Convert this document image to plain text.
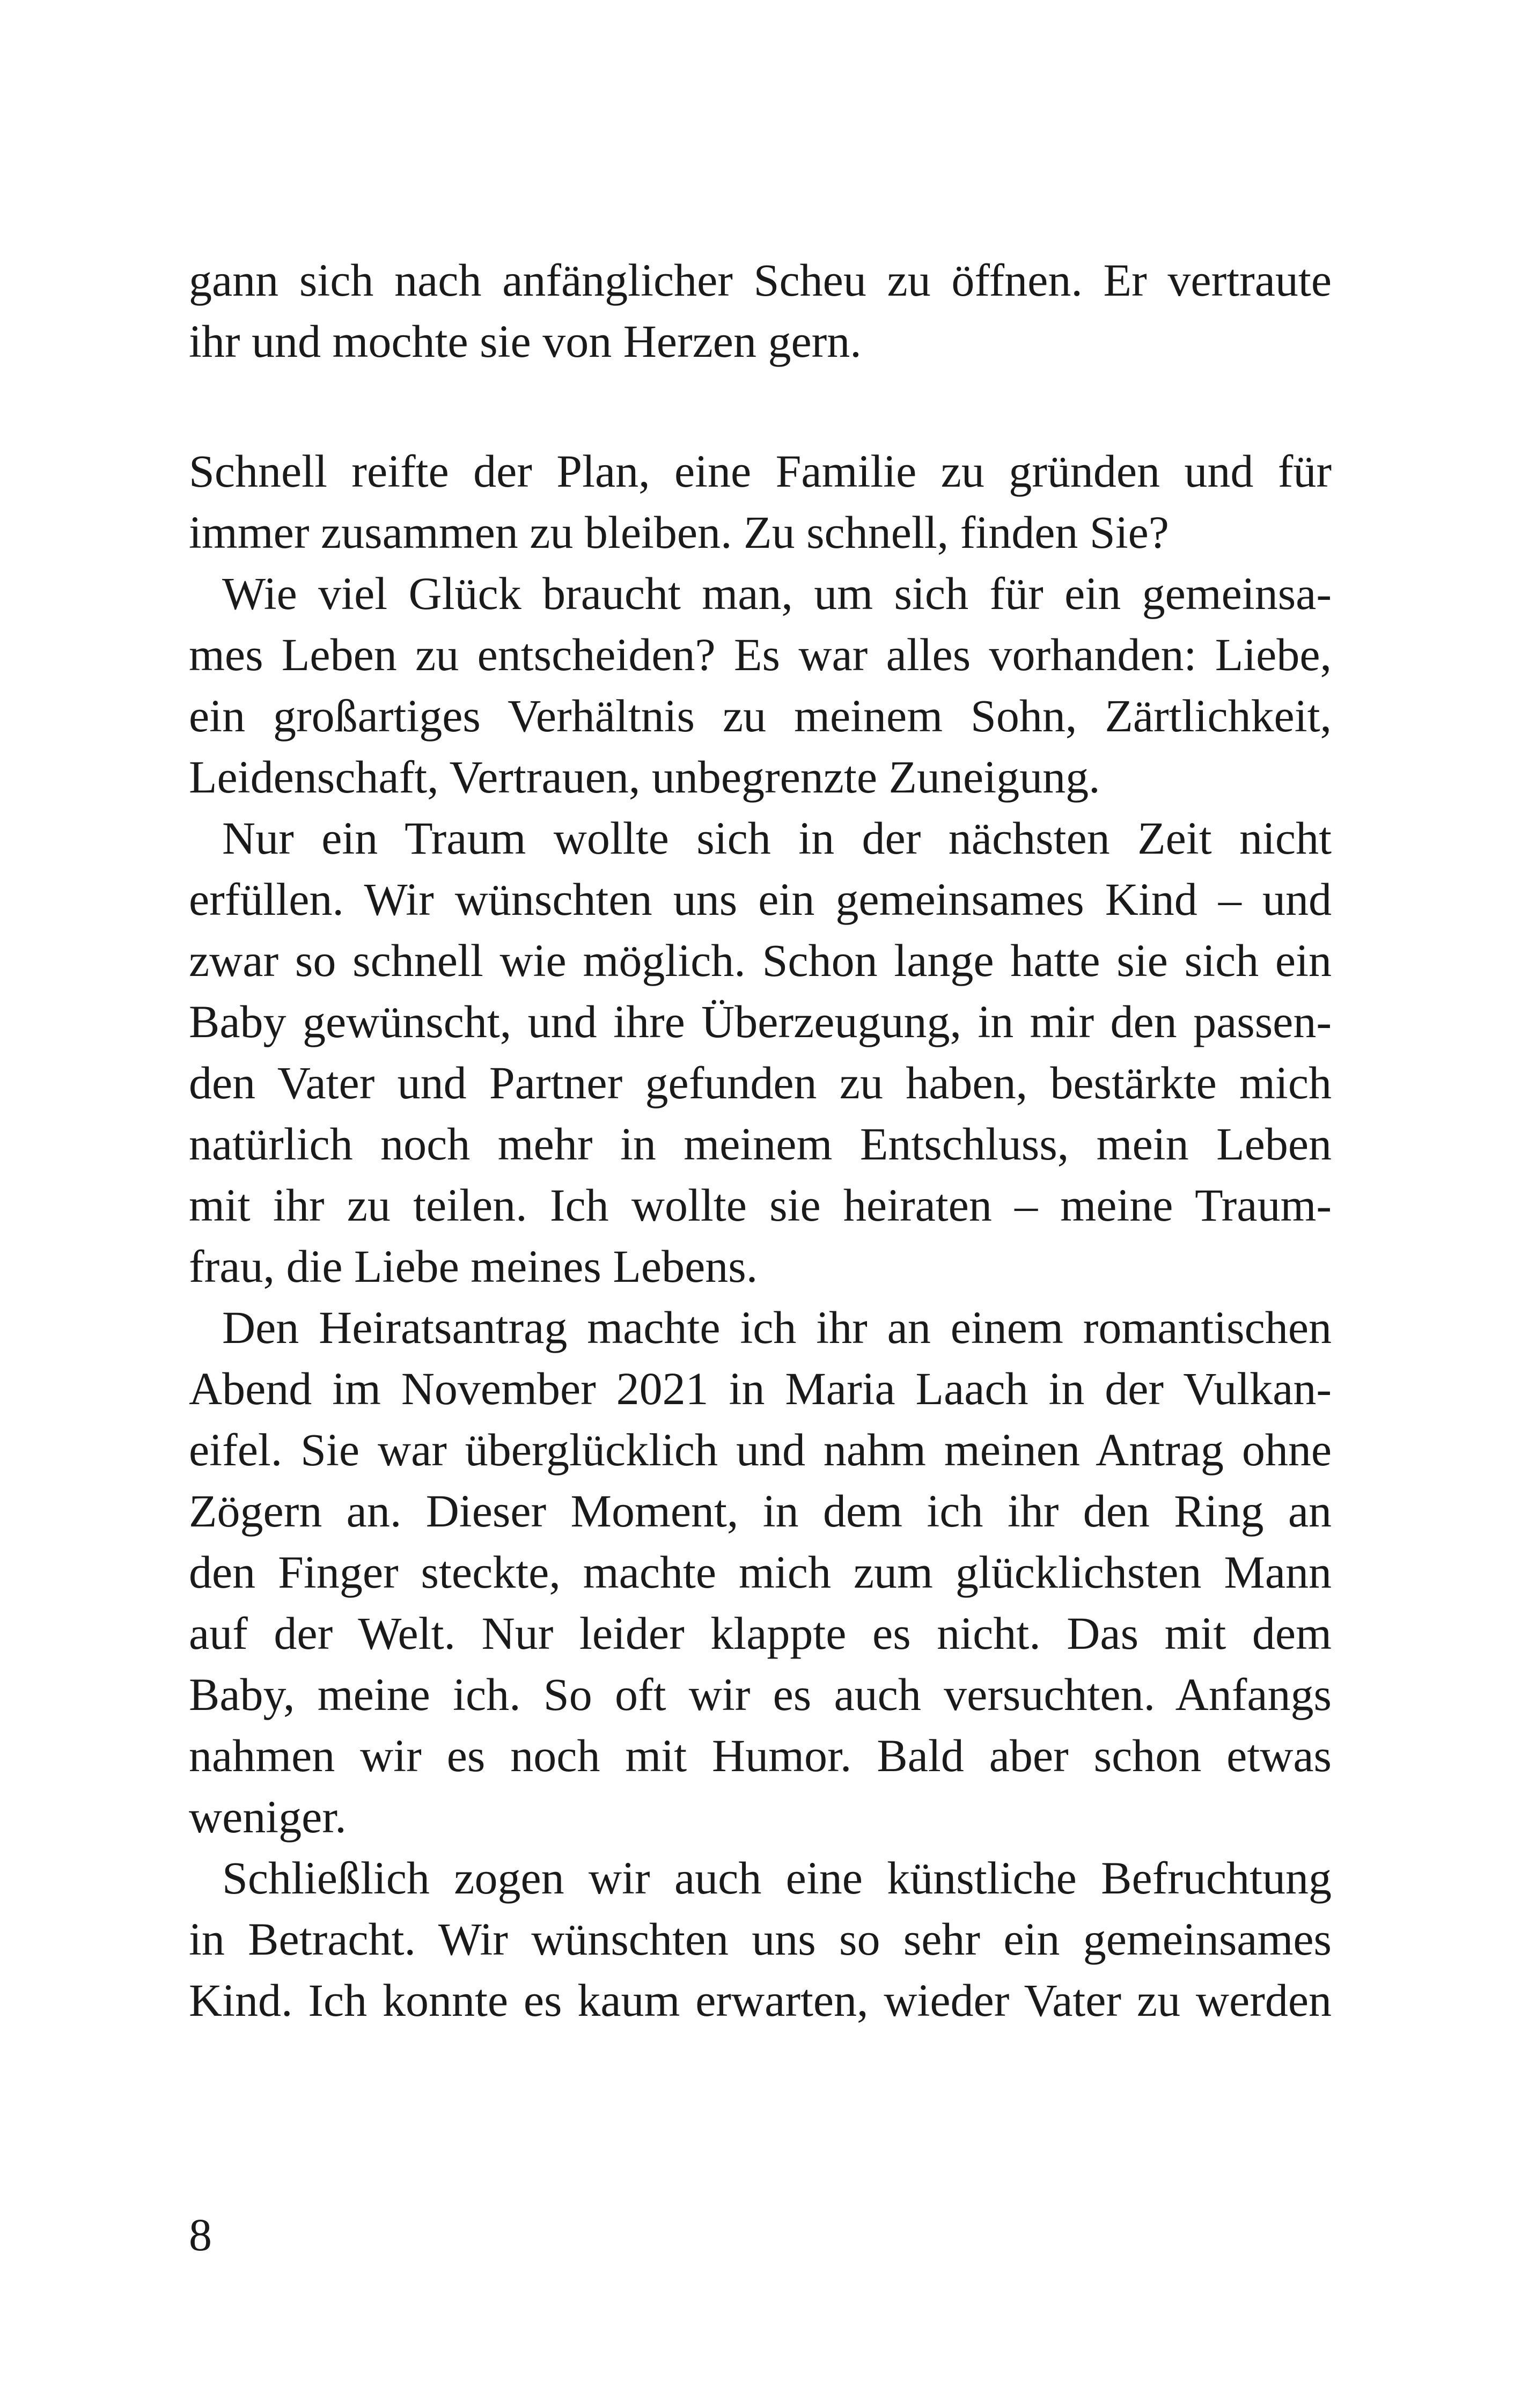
gann sich nach anfänglicher Scheu zu öffnen. Er vertraute
ihr und mochte sie von Herzen gern.
Schnell reifte der Plan, eine Familie zu gründen und für
immer zusammen zu bleiben. Zu schnell, finden Sie?
Wie viel Glück braucht man, um sich für ein gemeinsa-
mes Leben zu entscheiden? Es war alles vorhanden: Liebe,
ein großartiges Verhältnis zu meinem Sohn, Zärtlichkeit,
Leidenschaft, Vertrauen, unbegrenzte Zuneigung.
Nur ein Traum wollte sich in der nächsten Zeit nicht
erfüllen. Wir wünschten uns ein gemeinsames Kind – und
zwar so schnell wie möglich. Schon lange hatte sie sich ein
Baby gewünscht, und ihre Überzeugung, in mir den passen-
den Vater und Partner gefunden zu haben, bestärkte mich
natürlich noch mehr in meinem Entschluss, mein Leben
mit ihr zu teilen. Ich wollte sie heiraten – meine Traum-
frau, die Liebe meines Lebens.
Den Heiratsantrag machte ich ihr an einem romantischen
Abend im November 2021 in Maria Laach in der Vulkan-
eifel. Sie war überglücklich und nahm meinen Antrag ohne
Zögern an. Dieser Moment, in dem ich ihr den Ring an
den Finger steckte, machte mich zum glücklichsten Mann
auf der Welt. Nur leider klappte es nicht. Das mit dem
Baby, meine ich. So oft wir es auch versuchten. Anfangs
nahmen wir es noch mit Humor. Bald aber schon etwas
weniger.
Schließlich zogen wir auch eine künstliche Befruchtung
in Betracht. Wir wünschten uns so sehr ein gemeinsames
Kind. Ich konnte es kaum erwarten, wieder Vater zu werden
8
